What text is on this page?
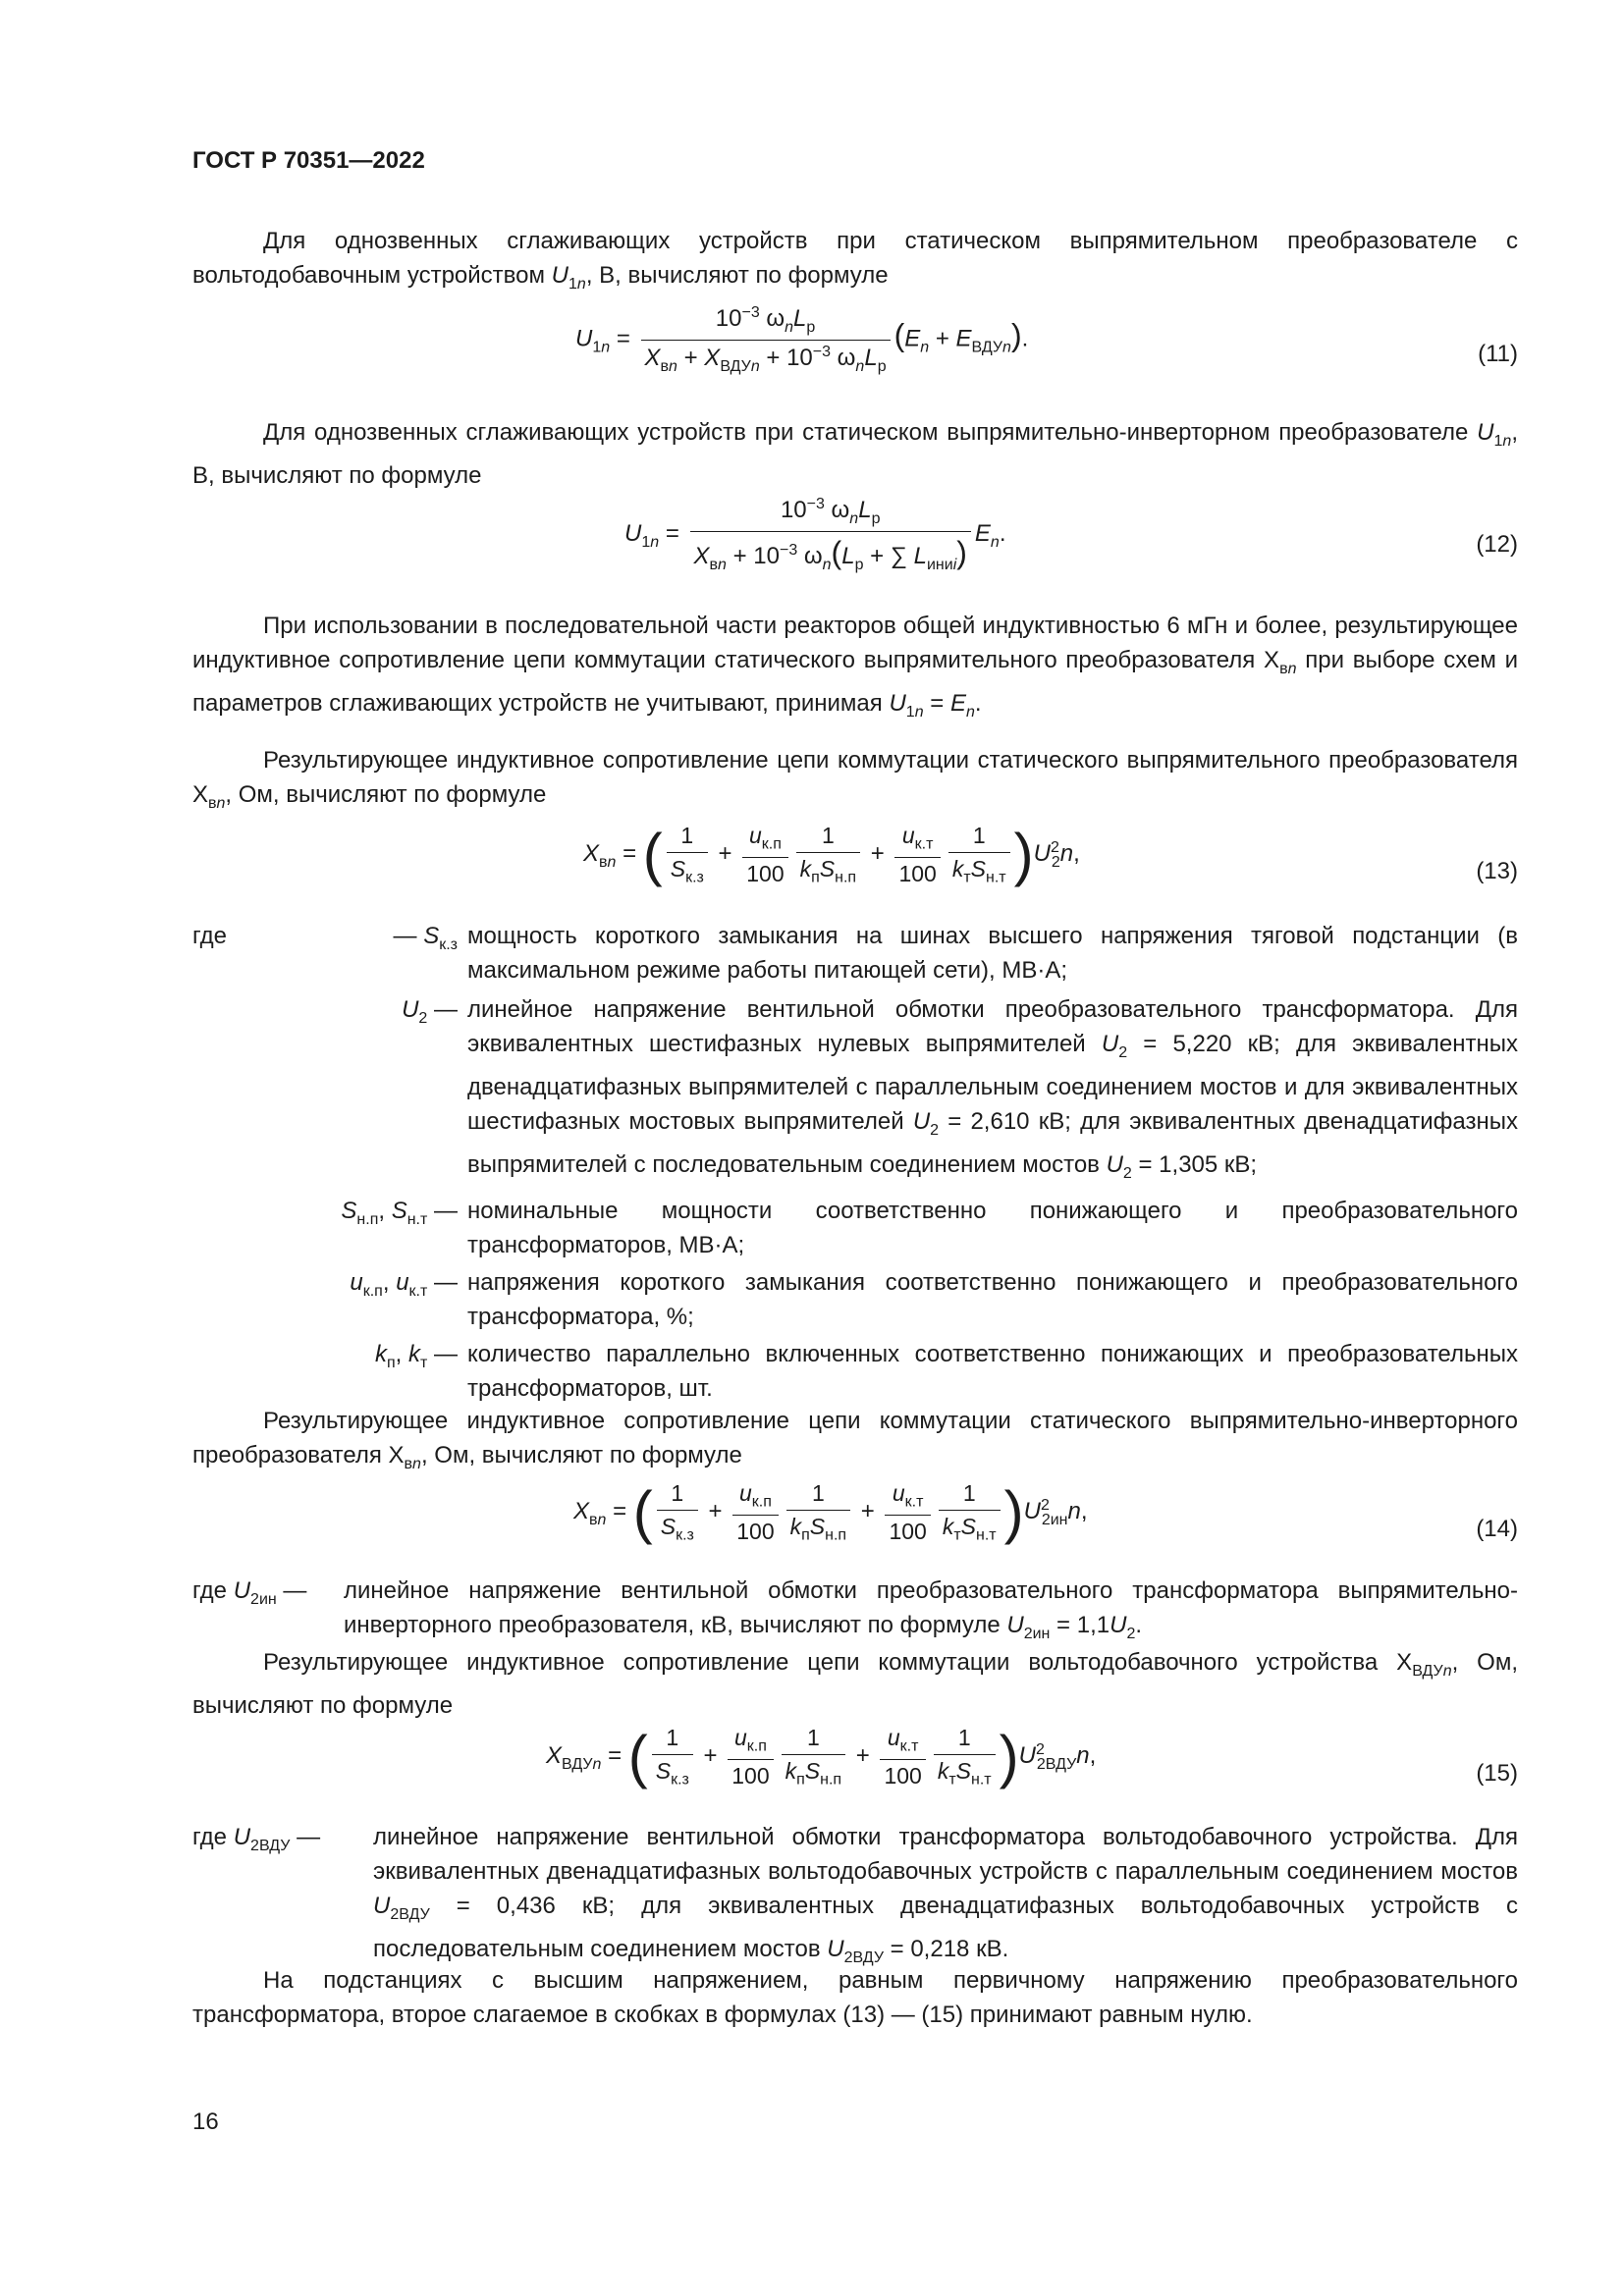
ГОСТ Р 70351—2022
Для однозвенных сглаживающих устройств при статическом выпрямительном преобразователе с вольтодобавочным устройством $U_{1n}$, В, вычисляют по формуле
$U_{1n} = \frac{10^{-3} \omega_nL_р}{X_{вn} + X_{ВДУn} + 10^{-3} \omega_nL_р} (E_n + E_{ВДУn})$.
(11)
Для однозвенных сглаживающих устройств при статическом выпрямительно-инверторном преобразователе $U_{1n}$, В, вычисляют по формуле
$U_{1n} = \frac{10^{-3} \omega_nL_р}{X_{вn} + 10^{-3} \omega_n(L_р + \sum L_{иниi})} E_n$.	(12)
При использовании в последовательной части реакторов общей индуктивностью 6 мГн и более, результирующее индуктивное сопротивление цепи коммутации статического выпрямительного преобразователя $Х_{вn}$ при выборе схем и параметров сглаживающих устройств не учитывают, принимая $U_{1n} = E_n$.
Результирующее индуктивное сопротивление цепи коммутации статического выпрямительного преобразователя $Х_{вn}$, Ом, вычисляют по формуле
$X_{вn}$ = ( $\frac{1}{S_{к.з}} + \frac{u_{к.п}}{100} \frac{1}{k_пS_{н.п}} + \frac{u_{к.т}}{100} \frac{1}{k_тS_{н.т}} )U^2_2n$,
(13)
где	— $S_{к.з}$ мощность короткого замыкания на шинах высшего напряжения тяговой подстанции (в максимальном режиме работы питающей сети), МВ·А;
$U_2$ — линейное напряжение вентильной обмотки преобразовательного трансформатора. Для эквивалентных шестифазных нулевых выпрямителей $U_2 = 5,220$ кВ; для эквивалентных двенадцатифазных выпрямителей с параллельным соединением мостов и для эквивалентных шестифазных мостовых выпрямителей $U_2 = 2,610$ кВ; для эквивалентных двенадцатифазных выпрямителей с последовательным соединением мостов $U_2 = 1,305$ кВ;
$S_{н.п}$, $S_{н.т}$ — номинальные мощности соответственно понижающего и преобразовательного трансформаторов, МВ·А;
$u_{к.п}$, $u_{к.т}$ — напряжения короткого замыкания соответственно понижающего и преобразовательного трансформатора, %;
$k_п$, $k_т$ — количество параллельно включенных соответственно понижающих и преобразовательных трансформаторов, шт.
Результирующее индуктивное сопротивление цепи коммутации статического выпрямительно-инверторного преобразователя $Х_{вn}$, Ом, вычисляют по формуле
$X_{вn}$ = ( $\frac{1}{S_{к.з}} + \frac{u_{к.п}}{100} \frac{1}{k_пS_{н.п}} + \frac{u_{к.т}}{100} \frac{1}{k_тS_{н.т}} )U^2_{2ин}n$,
(14)
где $U_{2ин}$ —	линейное напряжение вентильной обмотки преобразовательного трансформатора выпрямительно-инверторного преобразователя, кВ, вычисляют по формуле $U_{2ин} = 1,1U_2$.
Результирующее индуктивное сопротивление цепи коммутации вольтодобавочного устройства $Х_{ВДУn}$, Ом, вычисляют по формуле
$X_{ВДУn}$ = ( $\frac{1}{S_{к.з}} + \frac{u_{к.п}}{100} \frac{1}{k_пS_{н.п}} + \frac{u_{к.т}}{100} \frac{1}{k_тS_{н.т}} )U^2_{2ВДУ}n$,
(15)
где $U_{2ВДУ}$ —	линейное напряжение вентильной обмотки трансформатора вольтодобавочного устройства. Для эквивалентных двенадцатифазных вольтодобавочных устройств с параллельным соединением мостов $U_{2ВДУ} = 0,436$ кВ; для эквивалентных двенадцатифазных вольтодобавочных устройств с последовательным соединением мостов $U_{2ВДУ} = 0,218$ кВ.
На подстанциях с высшим напряжением, равным первичному напряжению преобразовательного трансформатора, второе слагаемое в скобках в формулах (13) — (15) принимают равным нулю.
16
